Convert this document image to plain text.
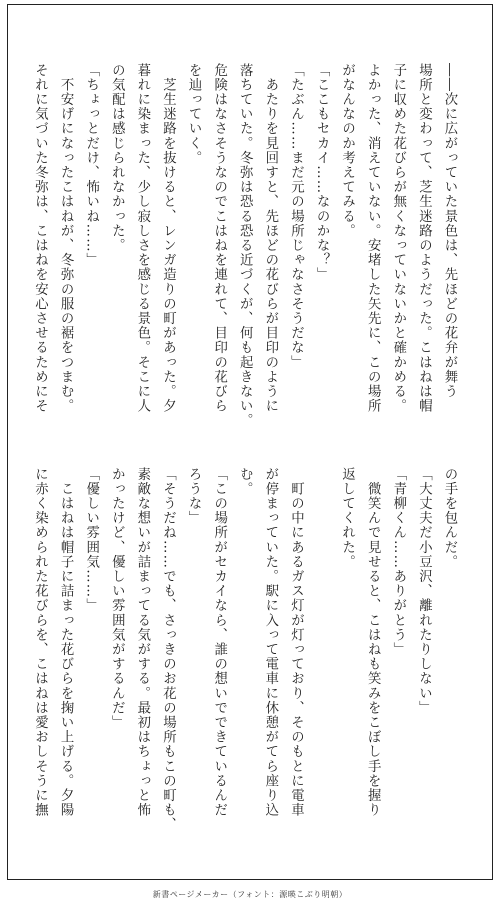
――次に広がっていた景色は、先ほどの花弁が舞う
場所と変わって、芝生迷路のようだった。こはねは帽
子に収めた花びらが無くなっていないかと確かめる。
よかった、消えていない。安堵した矢先に、この場所
がなんなのか考えてみる。
「ここもセカイ……なのかな？」
「たぶん……まだ元の場所じゃなさそうだな」
　あたりを見回すと、先ほどの花びらが目印のように
落ちていた。冬弥は恐る恐る近づくが、何も起きない。
危険はなさそうなのでこはねを連れて、目印の花びら
を辿っていく。
　芝生迷路を抜けると、レンガ造りの町があった。夕
暮れに染まった、少し寂しさを感じる景色。そこに人
の気配は感じられなかった。
「ちょっとだけ、怖いね……」
　不安げになったこはねが、冬弥の服の裾をつまむ。
それに気づいた冬弥は、こはねを安心させるためにそ
の手を包んだ。
「大丈夫だ小豆沢、離れたりしない」
「青柳くん……ありがとう」
　微笑んで見せると、こはねも笑みをこぼし手を握り
返してくれた。

　町の中にあるガス灯が灯っており、そのもとに電車
が停まっていた。駅に入って電車に休憩がてら座り込
む。
「この場所がセカイなら、誰の想いでできているんだ
ろうな」
「そうだね……でも、さっきのお花の場所もこの町も、
素敵な想いが詰まってる気がする。最初はちょっと怖
かったけど、優しい雰囲気がするんだ」
「優しい雰囲気……」
　こはねは帽子に詰まった花びらを掬い上げる。夕陽
に赤く染められた花びらを、こはねは愛おしそうに撫
新書ページメーカー（フォント：源暎こぶり明朝）
